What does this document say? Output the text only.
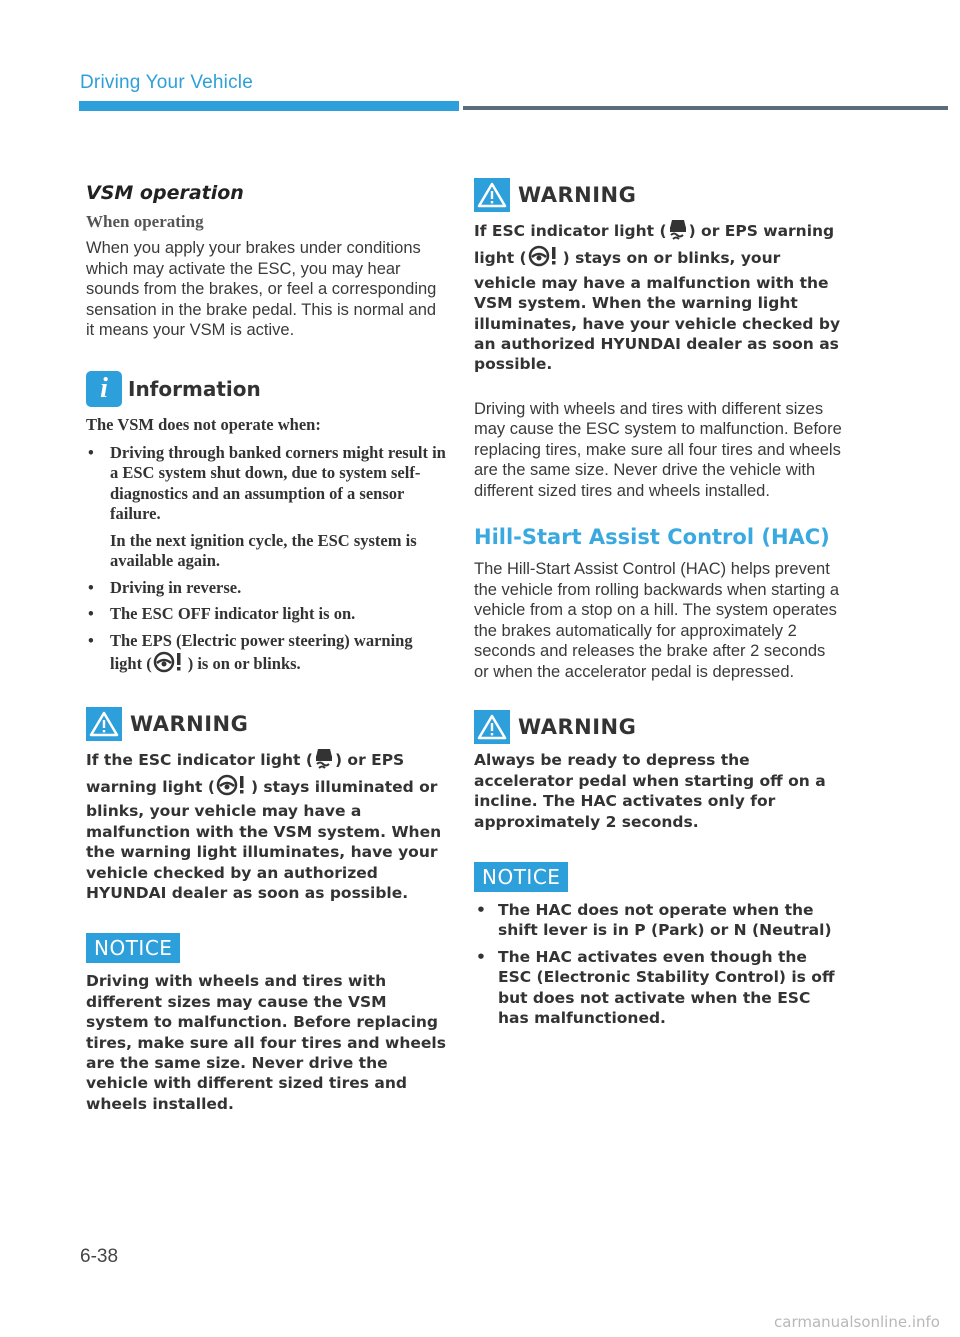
Driving Your Vehicle
VSM operation
When operating

When you apply your brakes under conditions which may activate the ESC, you may hear sounds from the brakes, or feel a corresponding sensation in the brake pedal. This is normal and it means your VSM is active.

i	Information

The VSM does not operate when:

• Driving through banked corners might result in a ESC system shut down, due to system self-diagnostics and an assumption of a sensor failure.
In the next ignition cycle, the ESC system is available again.
• Driving in reverse.
• The ESC OFF indicator light is on.
• The EPS (Electric power steering) warning light ( ) is on or blinks.
WARNING

If the ESC indicator light ( ) or EPS warning light ( ) stays illuminated or blinks, your vehicle may have a malfunction with the VSM system. When the warning light illuminates, have your vehicle checked by an authorized HYUNDAI dealer as soon as possible.

NOTICE

Driving with wheels and tires with different sizes may cause the VSM system to malfunction. Before replacing tires, make sure all four tires and wheels are the same size. Never drive the vehicle with different sized tires and wheels installed.

WARNING

If ESC indicator light ( ) or EPS warning light ( ) stays on or blinks, your vehicle may have a malfunction with the VSM system. When the warning light illuminates, have your vehicle checked by an authorized HYUNDAI dealer as soon as possible.

Driving with wheels and tires with different sizes may cause the ESC system to malfunction. Before replacing tires, make sure all four tires and wheels are the same size. Never drive the vehicle with different sized tires and wheels installed.

Hill-Start Assist Control (HAC)

The Hill-Start Assist Control (HAC) helps prevent the vehicle from rolling backwards when starting a vehicle from a stop on a hill. The system operates the brakes automatically for approximately 2 seconds and releases the brake after 2 seconds or when the accelerator pedal is depressed.

WARNING

Always be ready to depress the accelerator pedal when starting off on a incline. The HAC activates only for approximately 2 seconds.

NOTICE
• The HAC does not operate when the shift lever is in P (Park) or N (Neutral)
• The HAC activates even though the ESC (Electronic Stability Control) is off but does not activate when the ESC has malfunctioned.
6-38
carmanualsonline.info
